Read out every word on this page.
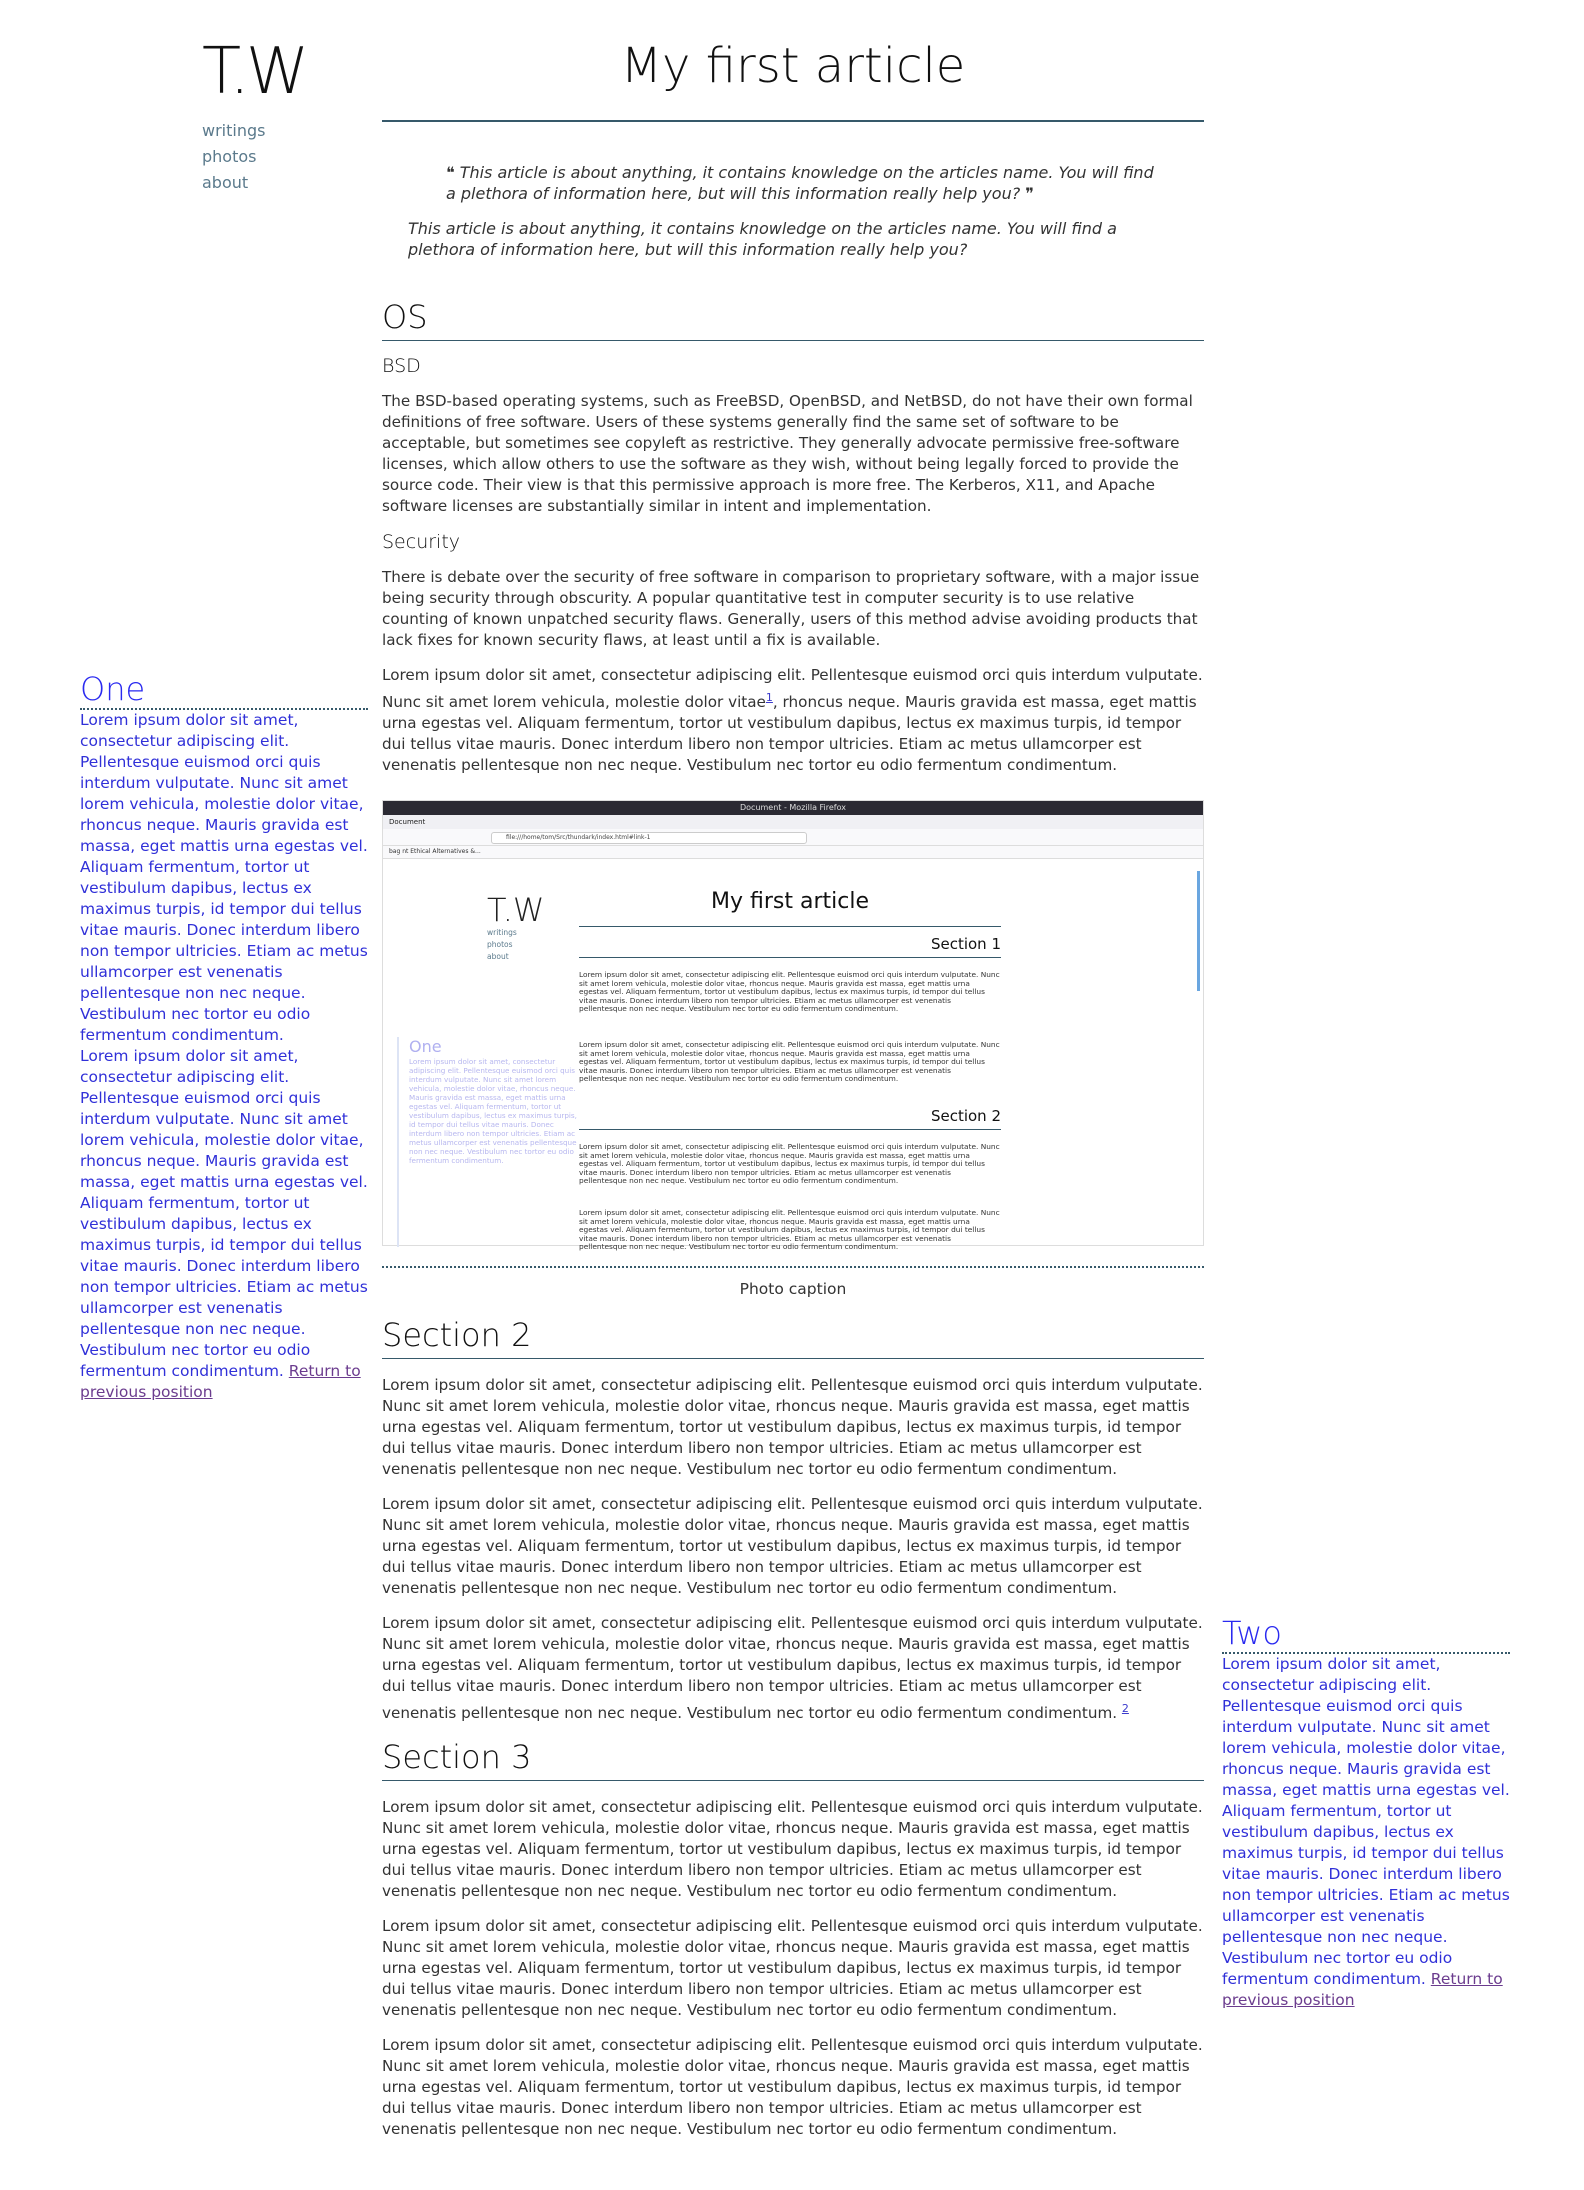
T.W
writings
photos
about
My first article
❝ This article is about anything, it contains knowledge on the articles name. You will find a plethora of information here, but will this information really help you? ❞
This article is about anything, it contains knowledge on the articles name. You will find a plethora of information here, but will this information really help you?
OS
BSD

The BSD-based operating systems, such as FreeBSD, OpenBSD, and NetBSD, do not have their own formal definitions of free software. Users of these systems generally find the same set of software to be acceptable, but sometimes see copyleft as restrictive. They generally advocate permissive free-software licenses, which allow others to use the software as they wish, without being legally forced to provide the source code. Their view is that this permissive approach is more free. The Kerberos, X11, and Apache software licenses are substantially similar in intent and implementation.

Security

There is debate over the security of free software in comparison to proprietary software, with a major issue being security through obscurity. A popular quantitative test in computer security is to use relative counting of known unpatched security flaws. Generally, users of this method advise avoiding products that lack fixes for known security flaws, at least until a fix is available.

Lorem ipsum dolor sit amet, consectetur adipiscing elit. Pellentesque euismod orci quis interdum vulputate. Nunc sit amet lorem vehicula, molestie dolor vitae$^1$, rhoncus neque. Mauris gravida est massa, eget mattis urna egestas vel. Aliquam fermentum, tortor ut vestibulum dapibus, lectus ex maximus turpis, id tempor dui tellus vitae mauris. Donec interdum libero non tempor ultricies. Etiam ac metus ullamcorper est venenatis pellentesque non nec neque. Vestibulum nec tortor eu odio fermentum condimentum.

Document - Mozilla Firefox
Document
file:///home/tom/Src/thundark/index.html#link-1
bag nt Ethical Alternatives &...
T.W
writings
photos
about
My first article
Section 1
Lorem ipsum dolor sit amet, consectetur adipiscing elit. Pellentesque euismod orci quis interdum vulputate. Nunc sit amet lorem vehicula, molestie dolor vitae, rhoncus neque. Mauris gravida est massa, eget mattis urna egestas vel. Aliquam fermentum, tortor ut vestibulum dapibus, lectus ex maximus turpis, id tempor dui tellus vitae mauris. Donec interdum libero non tempor ultricies. Etiam ac metus ullamcorper est venenatis pellentesque non nec neque. Vestibulum nec tortor eu odio fermentum condimentum.
Lorem ipsum dolor sit amet, consectetur adipiscing elit. Pellentesque euismod orci quis interdum vulputate. Nunc sit amet lorem vehicula, molestie dolor vitae, rhoncus neque. Mauris gravida est massa, eget mattis urna egestas vel. Aliquam fermentum, tortor ut vestibulum dapibus, lectus ex maximus turpis, id tempor dui tellus vitae mauris. Donec interdum libero non tempor ultricies. Etiam ac metus ullamcorper est venenatis pellentesque non nec neque. Vestibulum nec tortor eu odio fermentum condimentum.
Section 2
Lorem ipsum dolor sit amet, consectetur adipiscing elit. Pellentesque euismod orci quis interdum vulputate. Nunc sit amet lorem vehicula, molestie dolor vitae, rhoncus neque. Mauris gravida est massa, eget mattis urna egestas vel. Aliquam fermentum, tortor ut vestibulum dapibus, lectus ex maximus turpis, id tempor dui tellus vitae mauris. Donec interdum libero non tempor ultricies. Etiam ac metus ullamcorper est venenatis pellentesque non nec neque. Vestibulum nec tortor eu odio fermentum condimentum.
Lorem ipsum dolor sit amet, consectetur adipiscing elit. Pellentesque euismod orci quis interdum vulputate. Nunc sit amet lorem vehicula, molestie dolor vitae, rhoncus neque. Mauris gravida est massa, eget mattis urna egestas vel. Aliquam fermentum, tortor ut vestibulum dapibus, lectus ex maximus turpis, id tempor dui tellus vitae mauris. Donec interdum libero non tempor ultricies. Etiam ac metus ullamcorper est venenatis pellentesque non nec neque. Vestibulum nec tortor eu odio fermentum condimentum.
One
Lorem ipsum dolor sit amet, consectetur adipiscing elit. Pellentesque euismod orci quis interdum vulputate. Nunc sit amet lorem vehicula, molestie dolor vitae, rhoncus neque. Mauris gravida est massa, eget mattis urna egestas vel. Aliquam fermentum, tortor ut vestibulum dapibus, lectus ex maximus turpis, id tempor dui tellus vitae mauris. Donec interdum libero non tempor ultricies. Etiam ac metus ullamcorper est venenatis pellentesque non nec neque. Vestibulum nec tortor eu odio fermentum condimentum.
Photo caption
Section 2

Lorem ipsum dolor sit amet, consectetur adipiscing elit. Pellentesque euismod orci quis interdum vulputate. Nunc sit amet lorem vehicula, molestie dolor vitae, rhoncus neque. Mauris gravida est massa, eget mattis urna egestas vel. Aliquam fermentum, tortor ut vestibulum dapibus, lectus ex maximus turpis, id tempor dui tellus vitae mauris. Donec interdum libero non tempor ultricies. Etiam ac metus ullamcorper est venenatis pellentesque non nec neque. Vestibulum nec tortor eu odio fermentum condimentum.

Lorem ipsum dolor sit amet, consectetur adipiscing elit. Pellentesque euismod orci quis interdum vulputate. Nunc sit amet lorem vehicula, molestie dolor vitae, rhoncus neque. Mauris gravida est massa, eget mattis urna egestas vel. Aliquam fermentum, tortor ut vestibulum dapibus, lectus ex maximus turpis, id tempor dui tellus vitae mauris. Donec interdum libero non tempor ultricies. Etiam ac metus ullamcorper est venenatis pellentesque non nec neque. Vestibulum nec tortor eu odio fermentum condimentum.

Lorem ipsum dolor sit amet, consectetur adipiscing elit. Pellentesque euismod orci quis interdum vulputate. Nunc sit amet lorem vehicula, molestie dolor vitae, rhoncus neque. Mauris gravida est massa, eget mattis urna egestas vel. Aliquam fermentum, tortor ut vestibulum dapibus, lectus ex maximus turpis, id tempor dui tellus vitae mauris. Donec interdum libero non tempor ultricies. Etiam ac metus ullamcorper est venenatis pellentesque non nec neque. Vestibulum nec tortor eu odio fermentum condimentum. $^2$

Section 3

Lorem ipsum dolor sit amet, consectetur adipiscing elit. Pellentesque euismod orci quis interdum vulputate. Nunc sit amet lorem vehicula, molestie dolor vitae, rhoncus neque. Mauris gravida est massa, eget mattis urna egestas vel. Aliquam fermentum, tortor ut vestibulum dapibus, lectus ex maximus turpis, id tempor dui tellus vitae mauris. Donec interdum libero non tempor ultricies. Etiam ac metus ullamcorper est venenatis pellentesque non nec neque. Vestibulum nec tortor eu odio fermentum condimentum.

Lorem ipsum dolor sit amet, consectetur adipiscing elit. Pellentesque euismod orci quis interdum vulputate. Nunc sit amet lorem vehicula, molestie dolor vitae, rhoncus neque. Mauris gravida est massa, eget mattis urna egestas vel. Aliquam fermentum, tortor ut vestibulum dapibus, lectus ex maximus turpis, id tempor dui tellus vitae mauris. Donec interdum libero non tempor ultricies. Etiam ac metus ullamcorper est venenatis pellentesque non nec neque. Vestibulum nec tortor eu odio fermentum condimentum.

Lorem ipsum dolor sit amet, consectetur adipiscing elit. Pellentesque euismod orci quis interdum vulputate. Nunc sit amet lorem vehicula, molestie dolor vitae, rhoncus neque. Mauris gravida est massa, eget mattis urna egestas vel. Aliquam fermentum, tortor ut vestibulum dapibus, lectus ex maximus turpis, id tempor dui tellus vitae mauris. Donec interdum libero non tempor ultricies. Etiam ac metus ullamcorper est venenatis pellentesque non nec neque. Vestibulum nec tortor eu odio fermentum condimentum.

One
Lorem ipsum dolor sit amet, consectetur adipiscing elit. Pellentesque euismod orci quis interdum vulputate. Nunc sit amet lorem vehicula, molestie dolor vitae, rhoncus neque. Mauris gravida est massa, eget mattis urna egestas vel. Aliquam fermentum, tortor ut vestibulum dapibus, lectus ex maximus turpis, id tempor dui tellus vitae mauris. Donec interdum libero non tempor ultricies. Etiam ac metus ullamcorper est venenatis pellentesque non nec neque. Vestibulum nec tortor eu odio fermentum condimentum.
Lorem ipsum dolor sit amet, consectetur adipiscing elit. Pellentesque euismod orci quis interdum vulputate. Nunc sit amet lorem vehicula, molestie dolor vitae, rhoncus neque. Mauris gravida est massa, eget mattis urna egestas vel. Aliquam fermentum, tortor ut vestibulum dapibus, lectus ex maximus turpis, id tempor dui tellus vitae mauris. Donec interdum libero non tempor ultricies. Etiam ac metus ullamcorper est venenatis pellentesque non nec neque. Vestibulum nec tortor eu odio fermentum condimentum. Return to previous position
Two
Lorem ipsum dolor sit amet, consectetur adipiscing elit. Pellentesque euismod orci quis interdum vulputate. Nunc sit amet lorem vehicula, molestie dolor vitae, rhoncus neque. Mauris gravida est massa, eget mattis urna egestas vel. Aliquam fermentum, tortor ut vestibulum dapibus, lectus ex maximus turpis, id tempor dui tellus vitae mauris. Donec interdum libero non tempor ultricies. Etiam ac metus ullamcorper est venenatis pellentesque non nec neque. Vestibulum nec tortor eu odio fermentum condimentum. Return to previous position
